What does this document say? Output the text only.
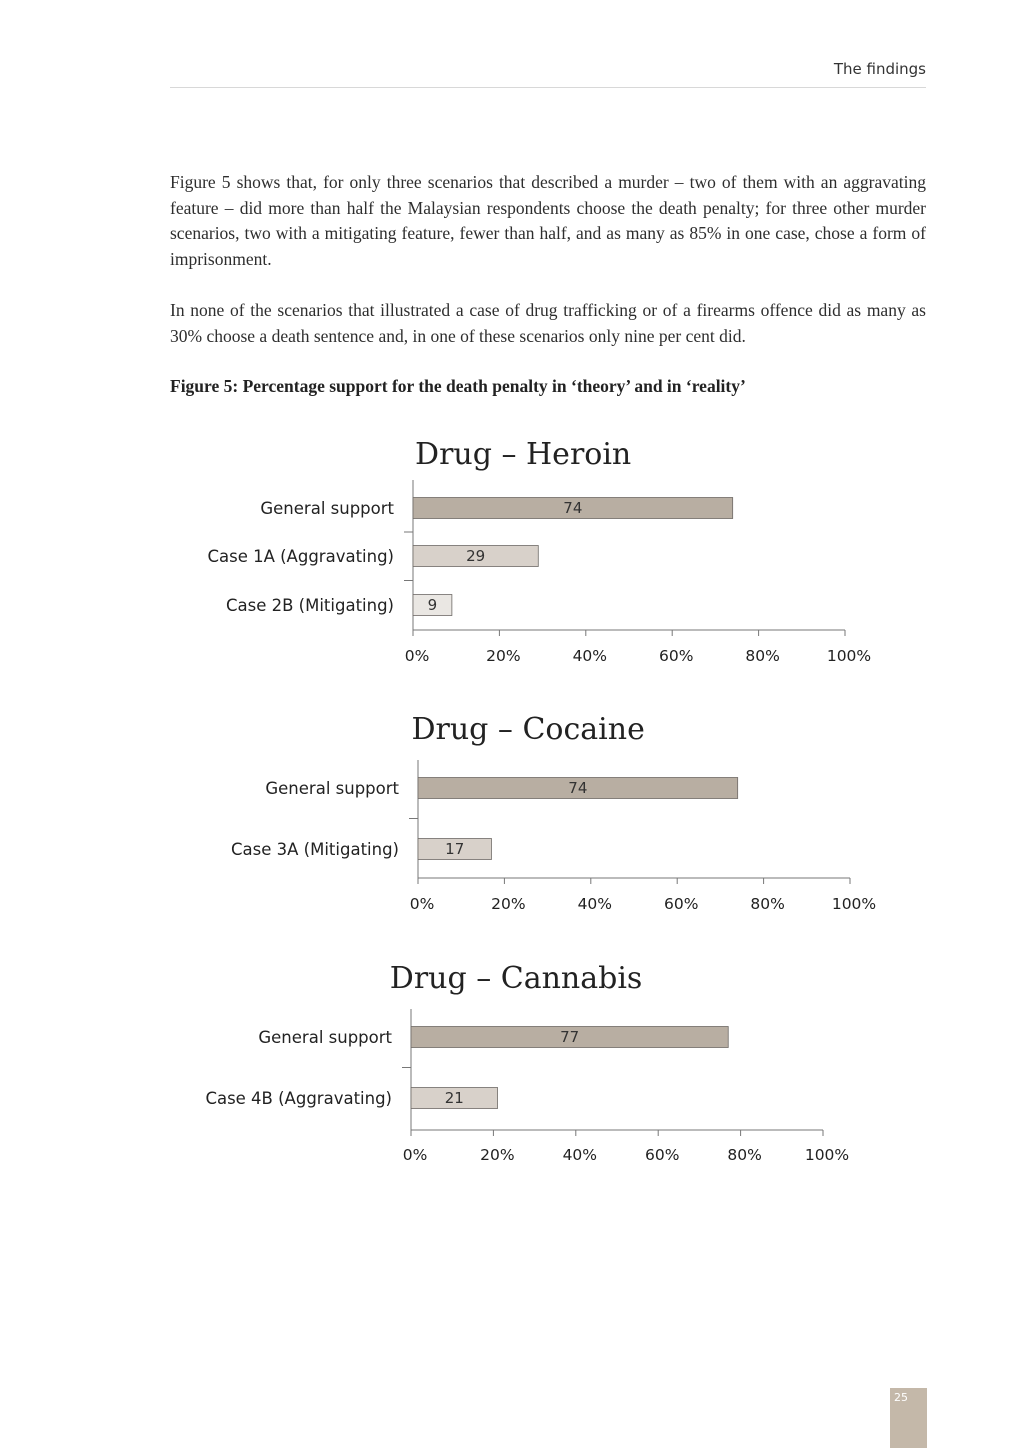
The findings

Figure 5 shows that, for only three scenarios that described a murder – two of them with an aggravating feature – did more than half the Malaysian respondents choose the death penalty; for three other murder scenarios, two with a mitigating feature, fewer than half, and as many as 85% in one case, chose a form of imprisonment.

In none of the scenarios that illustrated a case of drug trafficking or of a firearms offence did as many as 30% choose a death sentence and, in one of these scenarios only nine per cent did.

Figure 5: Percentage support for the death penalty in ‘theory’ and in ‘reality’

Drug – Heroin
0%	20%	40%	60%	80%	100%
General support	74
Case 1A (Aggravating)	29
Case 2B (Mitigating) 9
Drug – Cocaine
0%	20%	40%	60%	80%	100%
General support	74
Case 3A (Mitigating)	17
Drug – Cannabis
0%	20%	40%	60%	80%	100%
General support	77
Case 4B (Aggravating)	21
25
